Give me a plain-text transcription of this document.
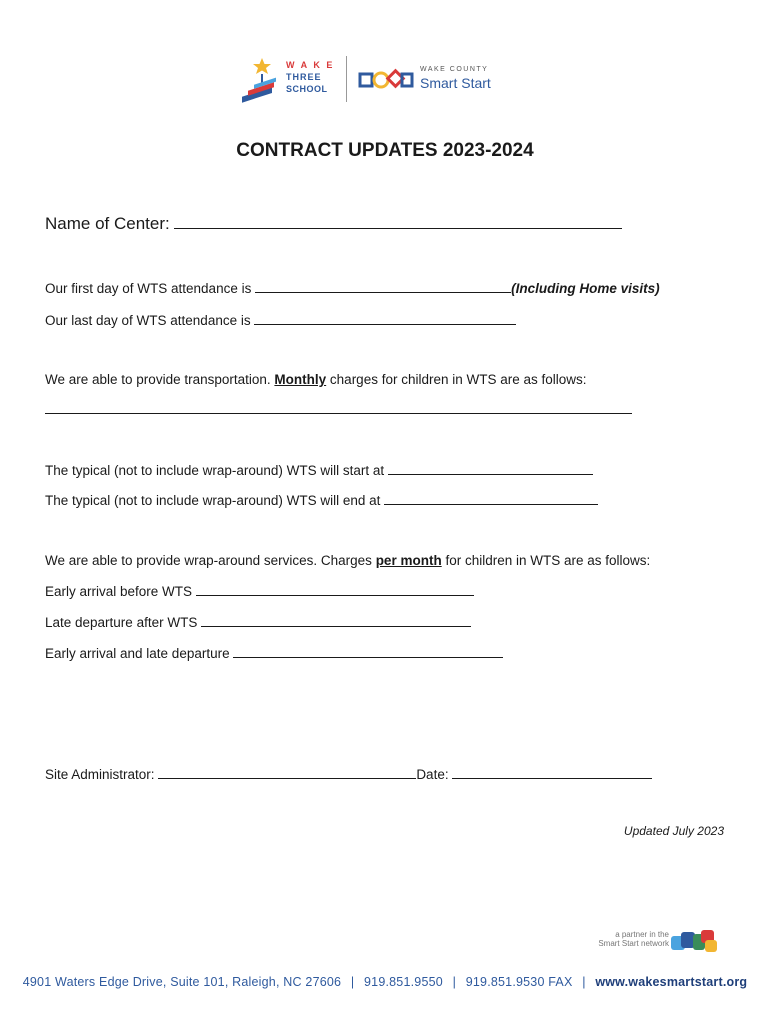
W A K E
THREE
SCHOOL
WAKE COUNTY
Smart Start
CONTRACT UPDATES 2023-2024
Name of Center:
Our first day of WTS attendance is	(Including Home visits)
Our last day of WTS attendance is
We are able to provide transportation. Monthly charges for children in WTS are as follows:
The typical (not to include wrap-around) WTS will start at
The typical (not to include wrap-around) WTS will end at
We are able to provide wrap-around services. Charges per month for children in WTS are as follows:
Early arrival before WTS
Late departure after WTS
Early arrival and late departure
Site Administrator:	Date:
Updated July 2023
a partner in the
Smart Start network
4901 Waters Edge Drive, Suite 101, Raleigh, NC 27606 | 919.851.9550 | 919.851.9530 FAX | www.wakesmartstart.org
